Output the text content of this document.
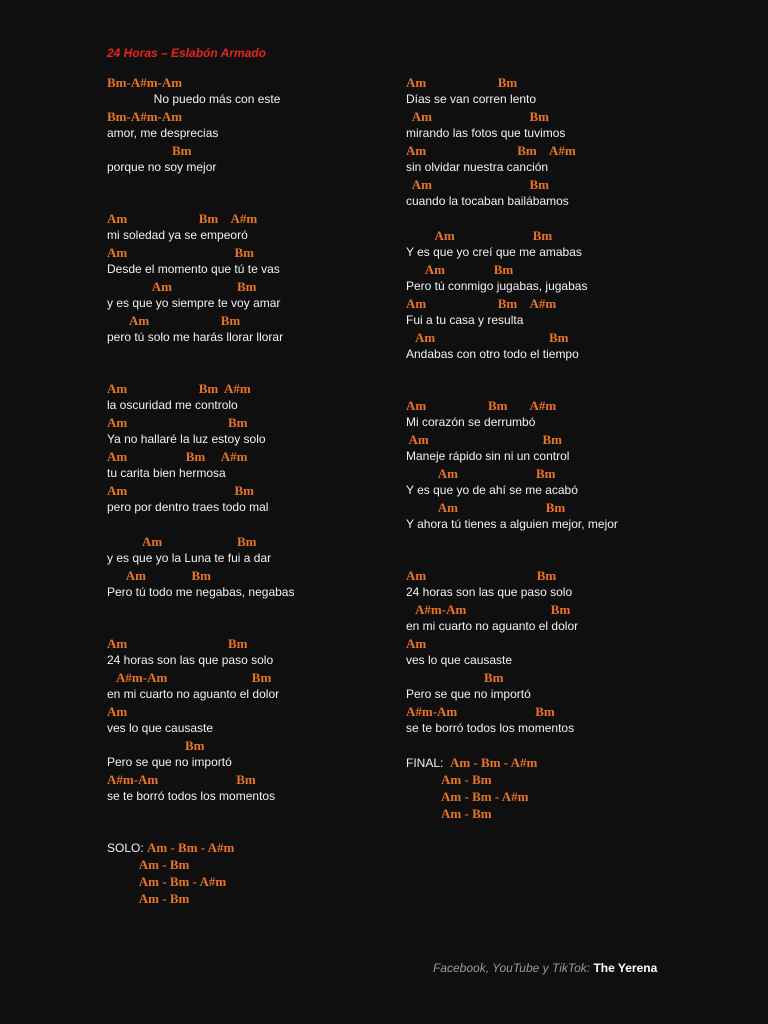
24 Horas – Eslabón Armado
Bm-A#m-Am
No puedo más con este
Bm-A#m-Am
amor, me desprecias
Bm
porque no soy mejor
Am                      Bm    A#m
mi soledad ya se empeoró
Am                                 Bm
Desde el momento que tú te vas
Am                    Bm
y es que yo siempre te voy amar
Am                      Bm
pero tú solo me harás llorar llorar
Am                      Bm  A#m
la oscuridad me controlo
Am                               Bm
Ya no hallaré la luz estoy solo
Am                  Bm     A#m
tu carita bien hermosa
Am                                 Bm
pero por dentro traes todo mal
Am                       Bm
y es que yo la Luna te fui a dar
Am              Bm
Pero tú todo me negabas, negabas
Am                               Bm
24 horas son las que paso solo
A#m-Am                          Bm
en mi cuarto no aguanto el dolor
Am
ves lo que causaste
Bm
Pero se que no importó
A#m-Am                        Bm
se te borró todos los momentos
SOLO: Am - Bm - A#m
Am - Bm
Am - Bm - A#m
Am - Bm
Am                      Bm
Días se van corren lento
Am                              Bm
mirando las fotos que tuvimos
Am                            Bm    A#m
sin olvidar nuestra canción
Am                              Bm
cuando la tocaban bailábamos
Am                        Bm
Y es que yo creí que me amabas
Am               Bm
Pero tú conmigo jugabas, jugabas
Am                      Bm    A#m
Fui a tu casa y resulta
Am                                   Bm
Andabas con otro todo el tiempo
Am                   Bm       A#m
Mi corazón se derrumbó
Am                                   Bm
Maneje rápido sin ni un control
Am                        Bm
Y es que yo de ahí se me acabó
Am                           Bm
Y ahora tú tienes a alguien mejor, mejor
Am                                  Bm
24 horas son las que paso solo
A#m-Am                          Bm
en mi cuarto no aguanto el dolor
Am
ves lo que causaste
Bm
Pero se que no importó
A#m-Am                        Bm
se te borró todos los momentos
FINAL:  Am - Bm - A#m
Am - Bm
Am - Bm - A#m
Am - Bm
Facebook, YouTube y TikTok: The Yerena
